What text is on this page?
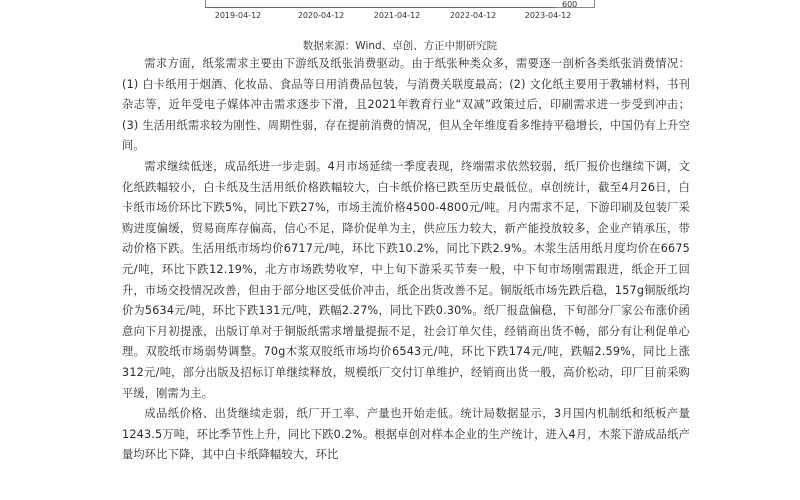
2019-04-12	2020-04-12	2021-04-12	2022-04-12	2023-04-12
600
数据来源：Wind、卓创、方正中期研究院

需求方面，纸浆需求主要由下游纸及纸张消费驱动。由于纸张种类众多，需要逐一剖析各类纸张消费情况：(1) 白卡纸用于烟酒、化妆品、食品等日用消费品包装，与消费关联度最高；(2) 文化纸主要用于教辅材料，书刊杂志等，近年受电子媒体冲击需求逐步下滑，且2021年教育行业“双减”政策过后，印刷需求进一步受到冲击；(3) 生活用纸需求较为刚性、周期性弱，存在提前消费的情况，但从全年维度看多维持平稳增长，中国仍有上升空间。

需求继续低迷，成品纸进一步走弱。4月市场延续一季度表现，终端需求依然较弱，纸厂报价也继续下调，文化纸跌幅较小，白卡纸及生活用纸价格跌幅较大，白卡纸价格已跌至历史最低位。卓创统计，截至4月26日，白卡纸市场价环比下跌5%，同比下跌27%，市场主流价格4500-4800元/吨。月内需求不足，下游印刷及包装厂采购进度偏缓，贸易商库存偏高，信心不足，降价促单为主，供应压力较大，新产能投放较多，企业产销承压，带动价格下跌。生活用纸市场均价6717元/吨，环比下跌10.2%，同比下跌2.9%。木浆生活用纸月度均价在6675元/吨，环比下跌12.19%，北方市场跌势收窄，中上旬下游采买节奏一般，中下旬市场刚需跟进，纸企开工回升，市场交投情况改善，但由于部分地区受低价冲击，纸企出货改善不足。铜版纸市场先跌后稳，157g铜版纸均价为5634元/吨，环比下跌131元/吨，跌幅2.27%，同比下跌0.30%。纸厂报盘偏稳，下旬部分厂家公布涨价函意向下月初提涨，出版订单对于铜版纸需求增量提振不足，社会订单欠佳，经销商出货不畅，部分有让利促单心理。双胶纸市场弱势调整。70g木浆双胶纸市场均价6543元/吨，环比下跌174元/吨，跌幅2.59%，同比上涨312元/吨，部分出版及招标订单继续释放，规模纸厂交付订单维护，经销商出货一般，高价松动，印厂目前采购平缓，刚需为主。

成品纸价格、出货继续走弱，纸厂开工率、产量也开始走低。统计局数据显示，3月国内机制纸和纸板产量1243.5万吨，环比季节性上升，同比下跌0.2%。根据卓创对样本企业的生产统计，进入4月，木浆下游成品纸产量均环比下降，其中白卡纸降幅较大，环比
